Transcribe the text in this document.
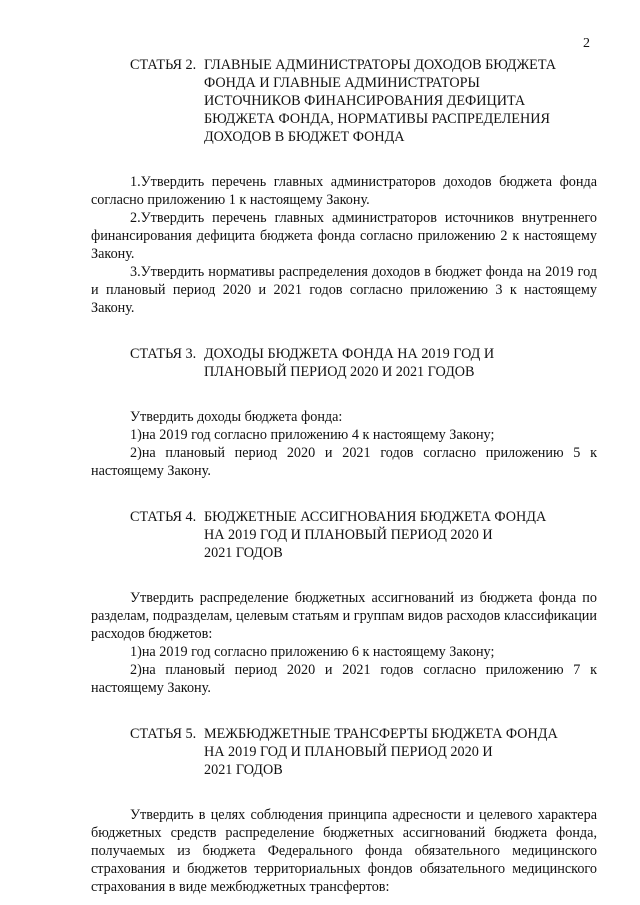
2
СТАТЬЯ 2. ГЛАВНЫЕ АДМИНИСТРАТОРЫ ДОХОДОВ БЮДЖЕТА
ФОНДА И ГЛАВНЫЕ АДМИНИСТРАТОРЫ
ИСТОЧНИКОВ ФИНАНСИРОВАНИЯ ДЕФИЦИТА
БЮДЖЕТА ФОНДА, НОРМАТИВЫ РАСПРЕДЕЛЕНИЯ
ДОХОДОВ В БЮДЖЕТ ФОНДА

1.Утвердить перечень главных администраторов доходов бюджета фонда согласно приложению 1 к настоящему Закону.

2.Утвердить перечень главных администраторов источников внутреннего финансирования дефицита бюджета фонда согласно приложению 2 к настоящему Закону.

3.Утвердить нормативы распределения доходов в бюджет фонда на 2019 год и плановый период 2020 и 2021 годов согласно приложению 3 к настоящему Закону.

СТАТЬЯ 3. ДОХОДЫ БЮДЖЕТА ФОНДА НА 2019 ГОД И
ПЛАНОВЫЙ ПЕРИОД 2020 И 2021 ГОДОВ

Утвердить доходы бюджета фонда:

1)на 2019 год согласно приложению 4 к настоящему Закону;

2)на плановый период 2020 и 2021 годов согласно приложению 5 к настоящему Закону.

СТАТЬЯ 4. БЮДЖЕТНЫЕ АССИГНОВАНИЯ БЮДЖЕТА ФОНДА
НА 2019 ГОД И ПЛАНОВЫЙ ПЕРИОД 2020 И
2021 ГОДОВ

Утвердить распределение бюджетных ассигнований из бюджета фонда по разделам, подразделам, целевым статьям и группам видов расходов классификации расходов бюджетов:

1)на 2019 год согласно приложению 6 к настоящему Закону;

2)на плановый период 2020 и 2021 годов согласно приложению 7 к настоящему Закону.

СТАТЬЯ 5. МЕЖБЮДЖЕТНЫЕ ТРАНСФЕРТЫ БЮДЖЕТА ФОНДА
НА 2019 ГОД И ПЛАНОВЫЙ ПЕРИОД 2020 И
2021 ГОДОВ

Утвердить в целях соблюдения принципа адресности и целевого характера бюджетных средств распределение бюджетных ассигнований бюджета фонда, получаемых из бюджета Федерального фонда обязательного медицинского страхования и бюджетов территориальных фондов обязательного медицинского страхования в виде межбюджетных трансфертов:
